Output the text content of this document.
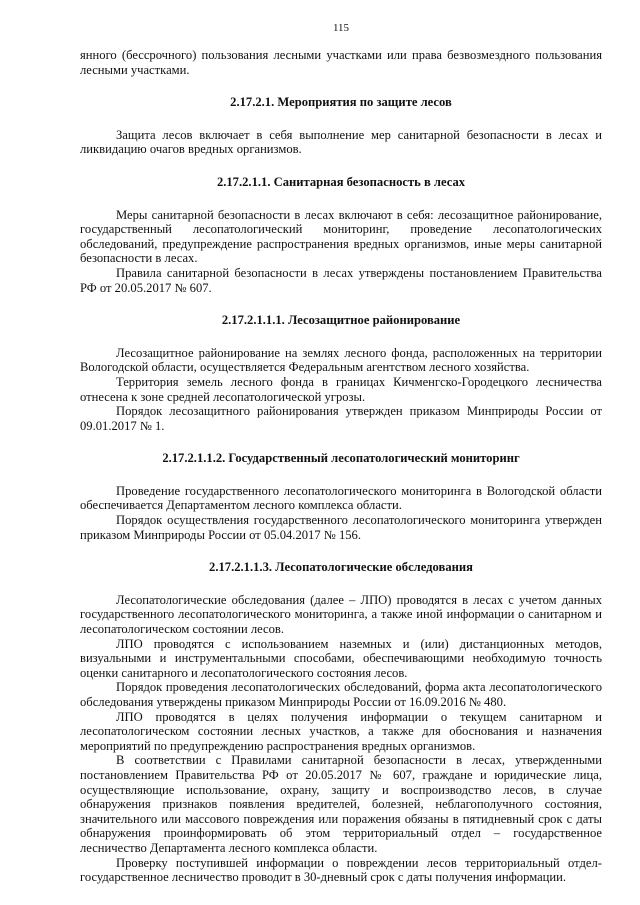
115

янного (бессрочного) пользования лесными участками или права безвозмездного пользования лесными участками.

2.17.2.1. Мероприятия по защите лесов

Защита лесов включает в себя выполнение мер санитарной безопасности в лесах и ликвидацию очагов вредных организмов.

2.17.2.1.1. Санитарная безопасность в лесах

Меры санитарной безопасности в лесах включают в себя: лесозащитное районирование, государственный лесопатологический мониторинг, проведение лесопатологических обследований, предупреждение распространения вредных организмов, иные меры санитарной безопасности в лесах.

Правила санитарной безопасности в лесах утверждены постановлением Правительства РФ от 20.05.2017 № 607.

2.17.2.1.1.1. Лесозащитное районирование

Лесозащитное районирование на землях лесного фонда, расположенных на территории Вологодской области, осуществляется Федеральным агентством лесного хозяйства.

Территория земель лесного фонда в границах Кичменгско-Городецкого лесничества отнесена к зоне средней лесопатологической угрозы.

Порядок лесозащитного районирования утвержден приказом Минприроды России от 09.01.2017 № 1.

2.17.2.1.1.2. Государственный лесопатологический мониторинг

Проведение государственного лесопатологического мониторинга в Вологодской области обеспечивается Департаментом лесного комплекса области.

Порядок осуществления государственного лесопатологического мониторинга утвержден приказом Минприроды России от 05.04.2017 № 156.

2.17.2.1.1.3. Лесопатологические обследования

Лесопатологические обследования (далее – ЛПО) проводятся в лесах с учетом данных государственного лесопатологического мониторинга, а также иной информации о санитарном и лесопатологическом состоянии лесов.

ЛПО проводятся с использованием наземных и (или) дистанционных методов, визуальными и инструментальными способами, обеспечивающими необходимую точность оценки санитарного и лесопатологического состояния лесов.

Порядок проведения лесопатологических обследований, форма акта лесопатологического обследования утверждены приказом Минприроды России от 16.09.2016 № 480.

ЛПО проводятся в целях получения информации о текущем санитарном и лесопатологическом состоянии лесных участков, а также для обоснования и назначения мероприятий по предупреждению распространения вредных организмов.

В соответствии с Правилами санитарной безопасности в лесах, утвержденными постановлением Правительства РФ от 20.05.2017 № 607, граждане и юридические лица, осуществляющие использование, охрану, защиту и воспроизводство лесов, в случае обнаружения признаков появления вредителей, болезней, неблагополучного состояния, значительного или массового повреждения или поражения обязаны в пятидневный срок с даты обнаружения проинформировать об этом территориальный отдел – государственное лесничество Департамента лесного комплекса области.

Проверку поступившей информации о повреждении лесов территориальный отдел-государственное лесничество проводит в 30-дневный срок с даты получения информации.
